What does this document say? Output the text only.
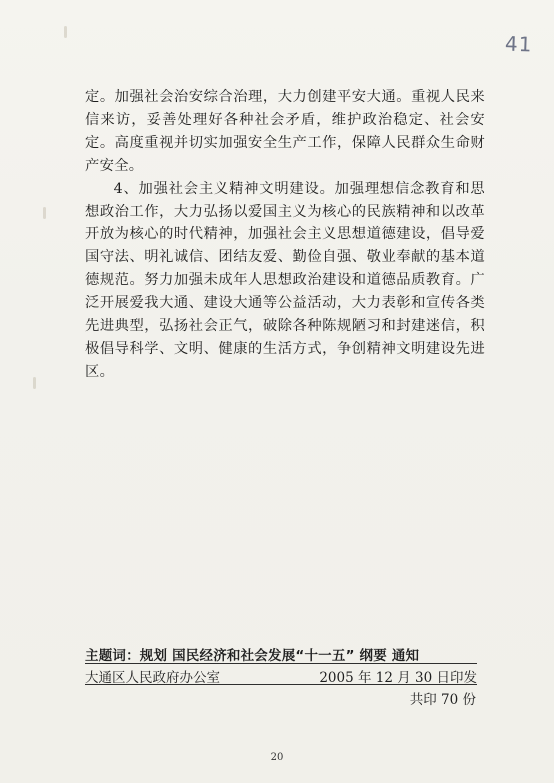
41

定。加强社会治安综合治理，大力创建平安大通。重视人民来信来访，妥善处理好各种社会矛盾，维护政治稳定、社会安定。高度重视并切实加强安全生产工作，保障人民群众生命财产安全。

4、加强社会主义精神文明建设。加强理想信念教育和思想政治工作，大力弘扬以爱国主义为核心的民族精神和以改革开放为核心的时代精神，加强社会主义思想道德建设，倡导爱国守法、明礼诚信、团结友爱、勤俭自强、敬业奉献的基本道德规范。努力加强未成年人思想政治建设和道德品质教育。广泛开展爱我大通、建设大通等公益活动，大力表彰和宣传各类先进典型，弘扬社会正气，破除各种陈规陋习和封建迷信，积极倡导科学、文明、健康的生活方式，争创精神文明建设先进区。

主题词：规划 国民经济和社会发展“十一五” 纲要 通知
大通区人民政府办公室	2005 年 12 月 30 日印发
共印 70 份
20
